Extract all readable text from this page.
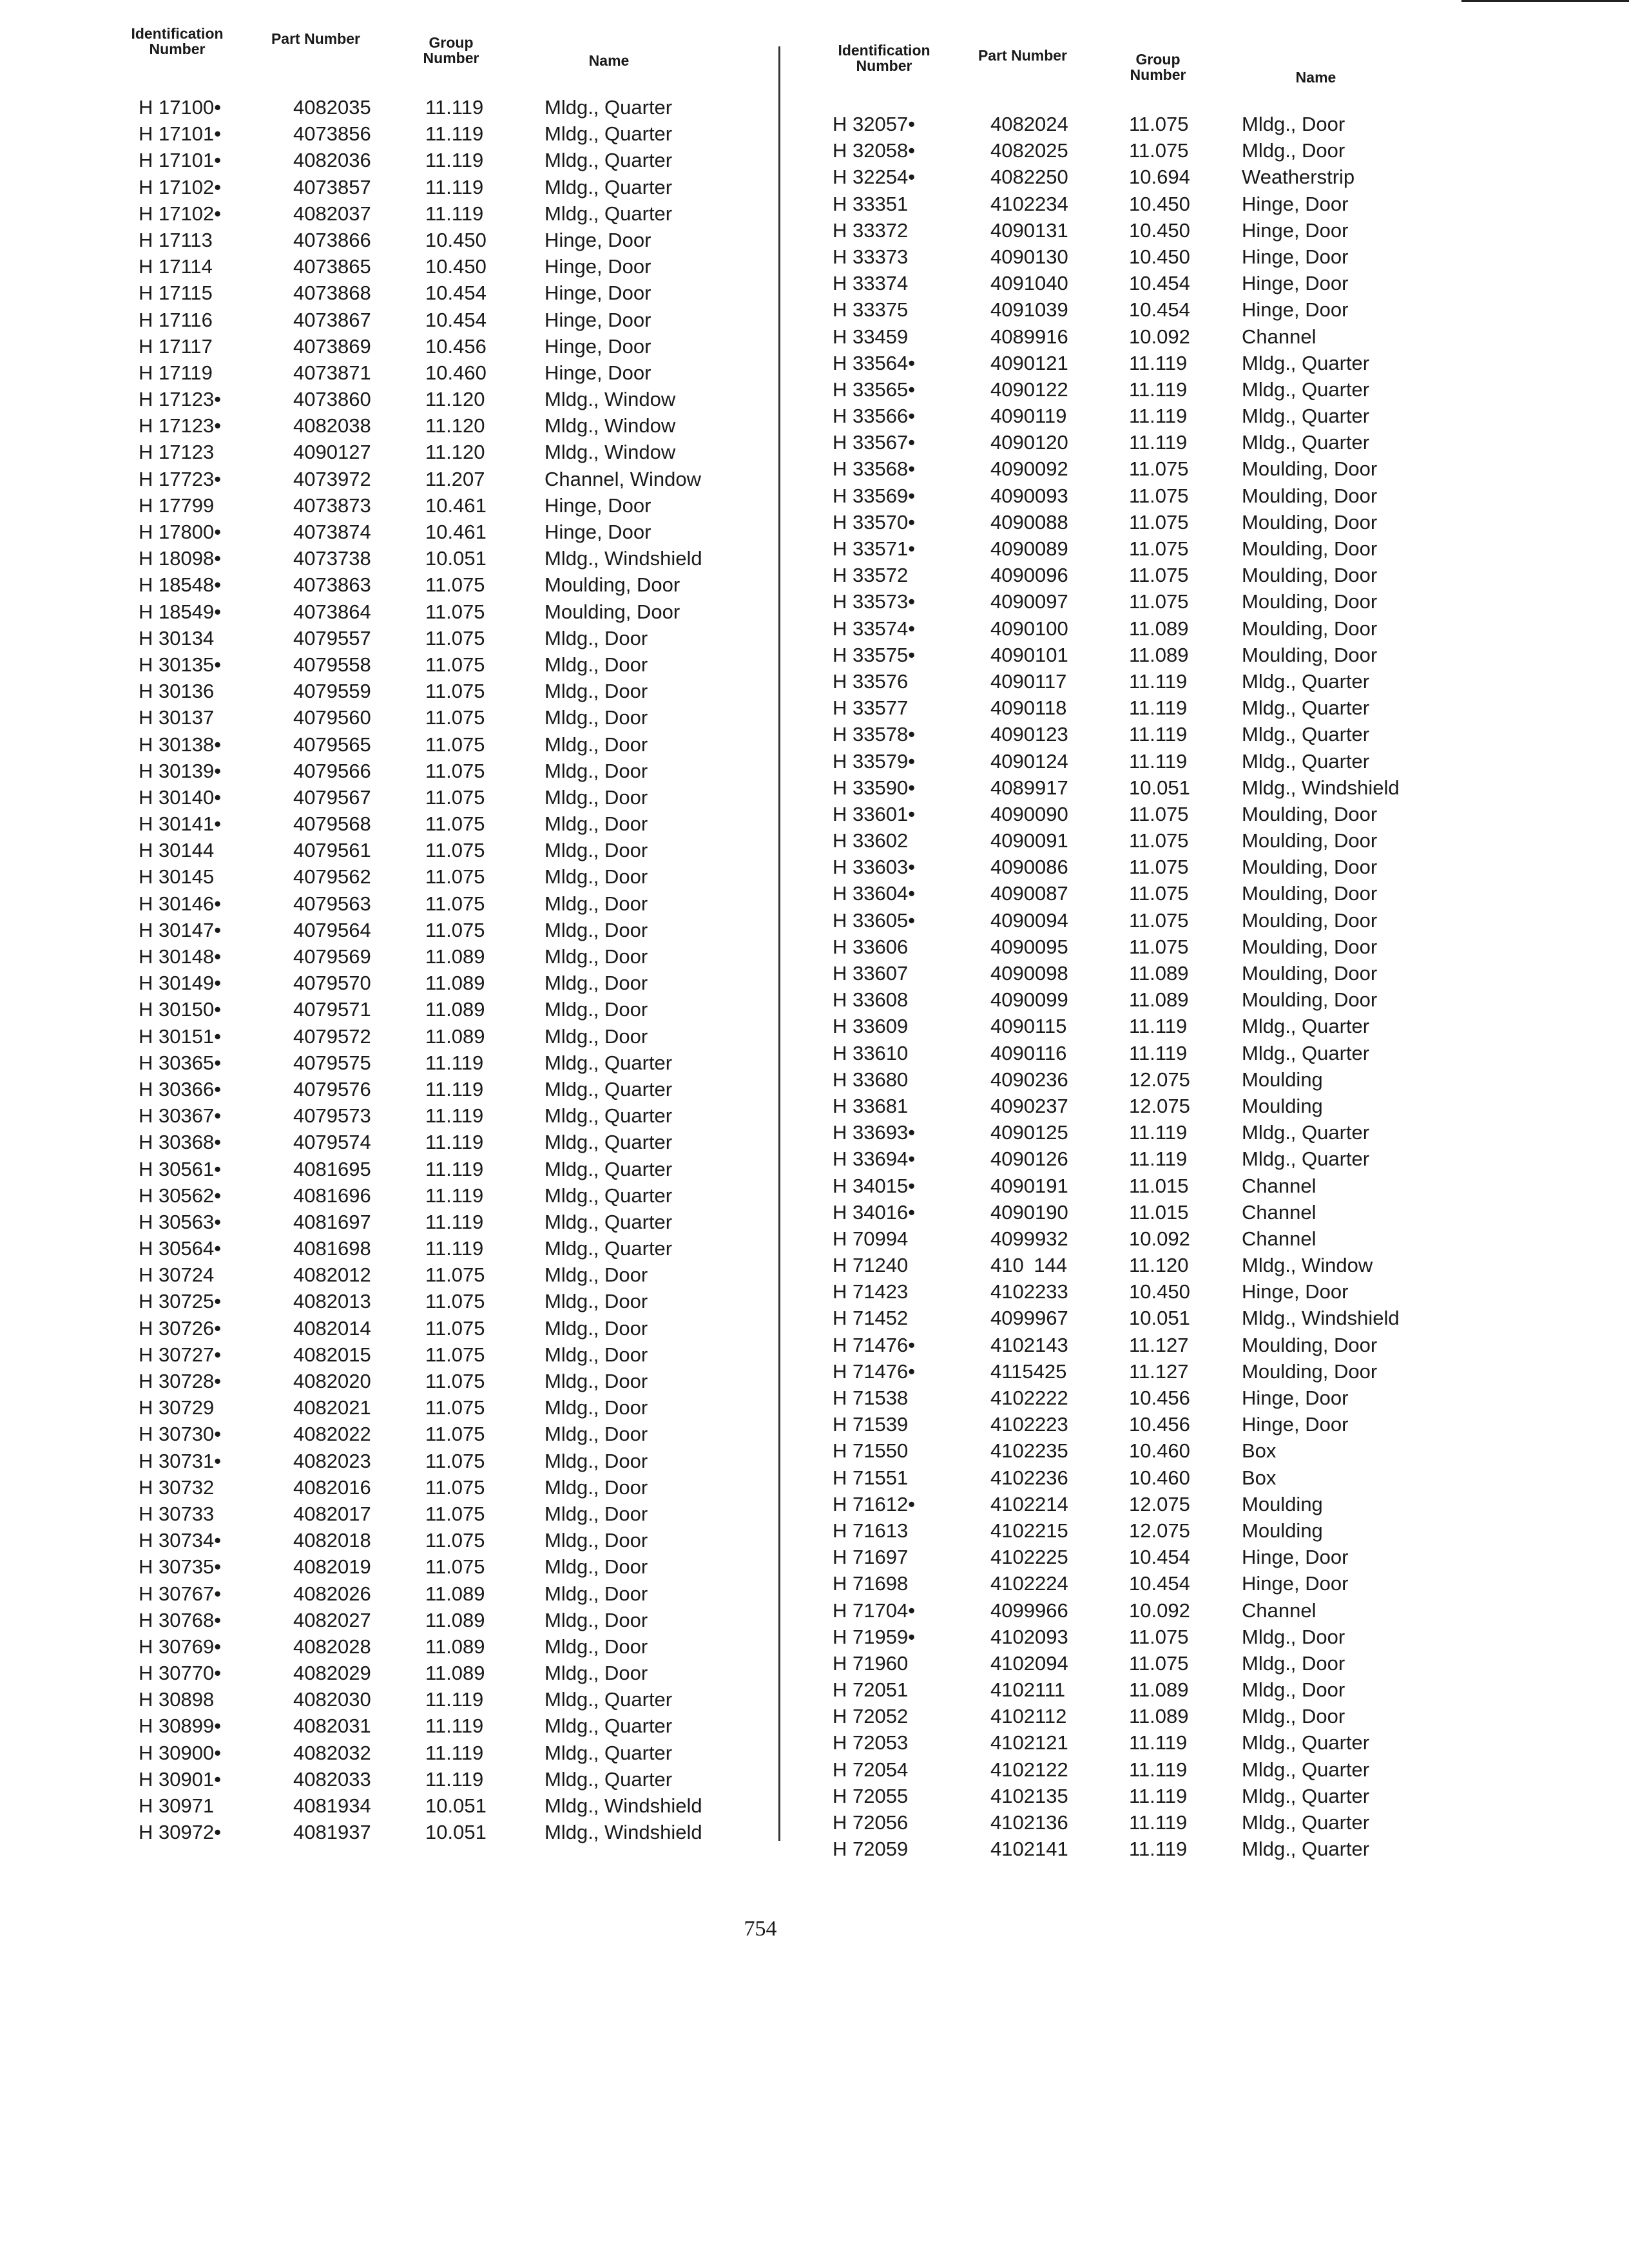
Identification Number
Part Number	Group Number	Name
H 17100•	4082035	11.119	Mldg., Quarter
H 17101•	4073856	11.119	Mldg., Quarter
H 17101•	4082036	11.119	Mldg., Quarter
H 17102•	4073857	11.119	Mldg., Quarter
H 17102•	4082037	11.119	Mldg., Quarter
H 17113	4073866	10.450	Hinge, Door
H 17114	4073865	10.450	Hinge, Door
H 17115	4073868	10.454	Hinge, Door
H 17116	4073867	10.454	Hinge, Door
H 17117	4073869	10.456	Hinge, Door
H 17119	4073871	10.460	Hinge, Door
H 17123•	4073860	11.120	Mldg., Window
H 17123•	4082038	11.120	Mldg., Window
H 17123	4090127	11.120	Mldg., Window
H 17723•	4073972	11.207	Channel, Window
H 17799	4073873	10.461	Hinge, Door
H 17800•	4073874	10.461	Hinge, Door
H 18098•	4073738	10.051	Mldg., Windshield
H 18548•	4073863	11.075	Moulding, Door
H 18549•	4073864	11.075	Moulding, Door
H 30134	4079557	11.075	Mldg., Door
H 30135•	4079558	11.075	Mldg., Door
H 30136	4079559	11.075	Mldg., Door
H 30137	4079560	11.075	Mldg., Door
H 30138•	4079565	11.075	Mldg., Door
H 30139•	4079566	11.075	Mldg., Door
H 30140•	4079567	11.075	Mldg., Door
H 30141•	4079568	11.075	Mldg., Door
H 30144	4079561	11.075	Mldg., Door
H 30145	4079562	11.075	Mldg., Door
H 30146•	4079563	11.075	Mldg., Door
H 30147•	4079564	11.075	Mldg., Door
H 30148•	4079569	11.089	Mldg., Door
H 30149•	4079570	11.089	Mldg., Door
H 30150•	4079571	11.089	Mldg., Door
H 30151•	4079572	11.089	Mldg., Door
H 30365•	4079575	11.119	Mldg., Quarter
H 30366•	4079576	11.119	Mldg., Quarter
H 30367•	4079573	11.119	Mldg., Quarter
H 30368•	4079574	11.119	Mldg., Quarter
H 30561•	4081695	11.119	Mldg., Quarter
H 30562•	4081696	11.119	Mldg., Quarter
H 30563•	4081697	11.119	Mldg., Quarter
H 30564•	4081698	11.119	Mldg., Quarter
H 30724	4082012	11.075	Mldg., Door
H 30725•	4082013	11.075	Mldg., Door
H 30726•	4082014	11.075	Mldg., Door
H 30727•	4082015	11.075	Mldg., Door
H 30728•	4082020	11.075	Mldg., Door
H 30729	4082021	11.075	Mldg., Door
H 30730•	4082022	11.075	Mldg., Door
H 30731•	4082023	11.075	Mldg., Door
H 30732	4082016	11.075	Mldg., Door
H 30733	4082017	11.075	Mldg., Door
H 30734•	4082018	11.075	Mldg., Door
H 30735•	4082019	11.075	Mldg., Door
H 30767•	4082026	11.089	Mldg., Door
H 30768•	4082027	11.089	Mldg., Door
H 30769•	4082028	11.089	Mldg., Door
H 30770•	4082029	11.089	Mldg., Door
H 30898	4082030	11.119	Mldg., Quarter
H 30899•	4082031	11.119	Mldg., Quarter
H 30900•	4082032	11.119	Mldg., Quarter
H 30901•	4082033	11.119	Mldg., Quarter
H 30971	4081934	10.051	Mldg., Windshield
H 30972•	4081937	10.051	Mldg., Windshield
Identification Number
Part Number	Group Number	Name
H 32057•	4082024	11.075	Mldg., Door
H 32058•	4082025	11.075	Mldg., Door
H 32254•	4082250	10.694	Weatherstrip
H 33351	4102234	10.450	Hinge, Door
H 33372	4090131	10.450	Hinge, Door
H 33373	4090130	10.450	Hinge, Door
H 33374	4091040	10.454	Hinge, Door
H 33375	4091039	10.454	Hinge, Door
H 33459	4089916	10.092	Channel
H 33564•	4090121	11.119	Mldg., Quarter
H 33565•	4090122	11.119	Mldg., Quarter
H 33566•	4090119	11.119	Mldg., Quarter
H 33567•	4090120	11.119	Mldg., Quarter
H 33568•	4090092	11.075	Moulding, Door
H 33569•	4090093	11.075	Moulding, Door
H 33570•	4090088	11.075	Moulding, Door
H 33571•	4090089	11.075	Moulding, Door
H 33572	4090096	11.075	Moulding, Door
H 33573•	4090097	11.075	Moulding, Door
H 33574•	4090100	11.089	Moulding, Door
H 33575•	4090101	11.089	Moulding, Door
H 33576	4090117	11.119	Mldg., Quarter
H 33577	4090118	11.119	Mldg., Quarter
H 33578•	4090123	11.119	Mldg., Quarter
H 33579•	4090124	11.119	Mldg., Quarter
H 33590•	4089917	10.051	Mldg., Windshield
H 33601•	4090090	11.075	Moulding, Door
H 33602	4090091	11.075	Moulding, Door
H 33603•	4090086	11.075	Moulding, Door
H 33604•	4090087	11.075	Moulding, Door
H 33605•	4090094	11.075	Moulding, Door
H 33606	4090095	11.075	Moulding, Door
H 33607	4090098	11.089	Moulding, Door
H 33608	4090099	11.089	Moulding, Door
H 33609	4090115	11.119	Mldg., Quarter
H 33610	4090116	11.119	Mldg., Quarter
H 33680	4090236	12.075	Moulding
H 33681	4090237	12.075	Moulding
H 33693•	4090125	11.119	Mldg., Quarter
H 33694•	4090126	11.119	Mldg., Quarter
H 34015•	4090191	11.015	Channel
H 34016•	4090190	11.015	Channel
H 70994	4099932	10.092	Channel
H 71240	410 144	11.120	Mldg., Window
H 71423	4102233	10.450	Hinge, Door
H 71452	4099967	10.051	Mldg., Windshield
H 71476•	4102143	11.127	Moulding, Door
H 71476•	4115425	11.127	Moulding, Door
H 71538	4102222	10.456	Hinge, Door
H 71539	4102223	10.456	Hinge, Door
H 71550	4102235	10.460	Box
H 71551	4102236	10.460	Box
H 71612•	4102214	12.075	Moulding
H 71613	4102215	12.075	Moulding
H 71697	4102225	10.454	Hinge, Door
H 71698	4102224	10.454	Hinge, Door
H 71704•	4099966	10.092	Channel
H 71959•	4102093	11.075	Mldg., Door
H 71960	4102094	11.075	Mldg., Door
H 72051	4102111	11.089	Mldg., Door
H 72052	4102112	11.089	Mldg., Door
H 72053	4102121	11.119	Mldg., Quarter
H 72054	4102122	11.119	Mldg., Quarter
H 72055	4102135	11.119	Mldg., Quarter
H 72056	4102136	11.119	Mldg., Quarter
H 72059	4102141	11.119	Mldg., Quarter
754
